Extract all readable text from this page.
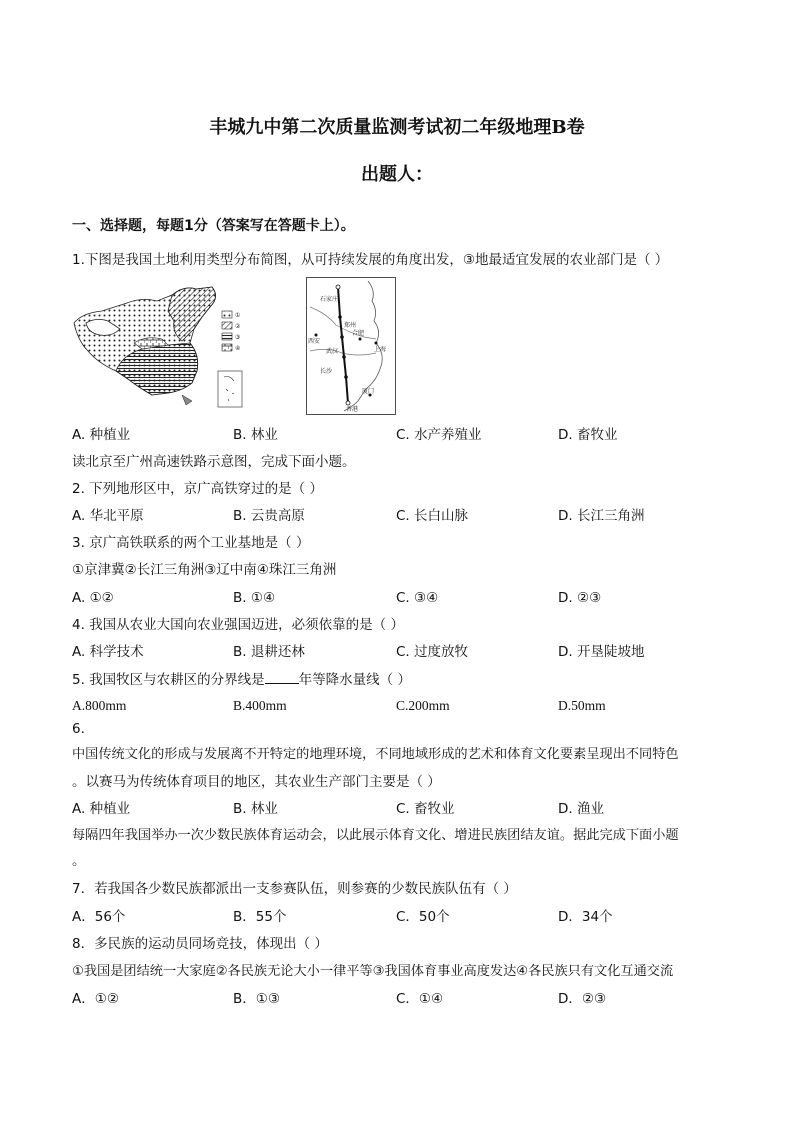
丰城九中第二次质量监测考试初二年级地理B卷
出题人：
一、选择题，每题1分（答案写在答题卡上）。
1.下图是我国土地利用类型分布简图，从可持续发展的角度出发，③地最适宜发展的农业部门是（ ）
①
②
③
④
石家庄
郑州
西安
合肥
上海
武汉
长沙
厦门
香港
A. 种植业	B. 林业	C. 水产养殖业	D. 畜牧业
读北京至广州高速铁路示意图，完成下面小题。
2. 下列地形区中，京广高铁穿过的是（ ）
A. 华北平原	B. 云贵高原	C. 长白山脉	D. 长江三角洲
3. 京广高铁联系的两个工业基地是（ ）
①京津冀②长江三角洲③辽中南④珠江三角洲
A. ①②	B. ①④	C. ③④	D. ②③
4. 我国从农业大国向农业强国迈进，必须依靠的是（ ）
A. 科学技术	B. 退耕还林	C. 过度放牧	D. 开垦陡坡地
5. 我国牧区与农耕区的分界线是	年等降水量线（ ）
A.800mm	B.400mm	C.200mm	D.50mm
6.
中国传统文化的形成与发展离不开特定的地理环境，不同地域形成的艺术和体育文化要素呈现出不同特色
。以赛马为传统体育项目的地区，其农业生产部门主要是（ ）
A. 种植业	B. 林业	C. 畜牧业	D. 渔业
每隔四年我国举办一次少数民族体育运动会，以此展示体育文化、增进民族团结友谊。据此完成下面小题
。
7．若我国各少数民族都派出一支参赛队伍，则参赛的少数民族队伍有（ ）
A．56个	B．55个	C．50个	D．34个
8．多民族的运动员同场竞技，体现出（ ）
①我国是团结统一大家庭②各民族无论大小一律平等③我国体育事业高度发达④各民族只有文化互通交流
A．①②	B．①③	C．①④	D．②③
